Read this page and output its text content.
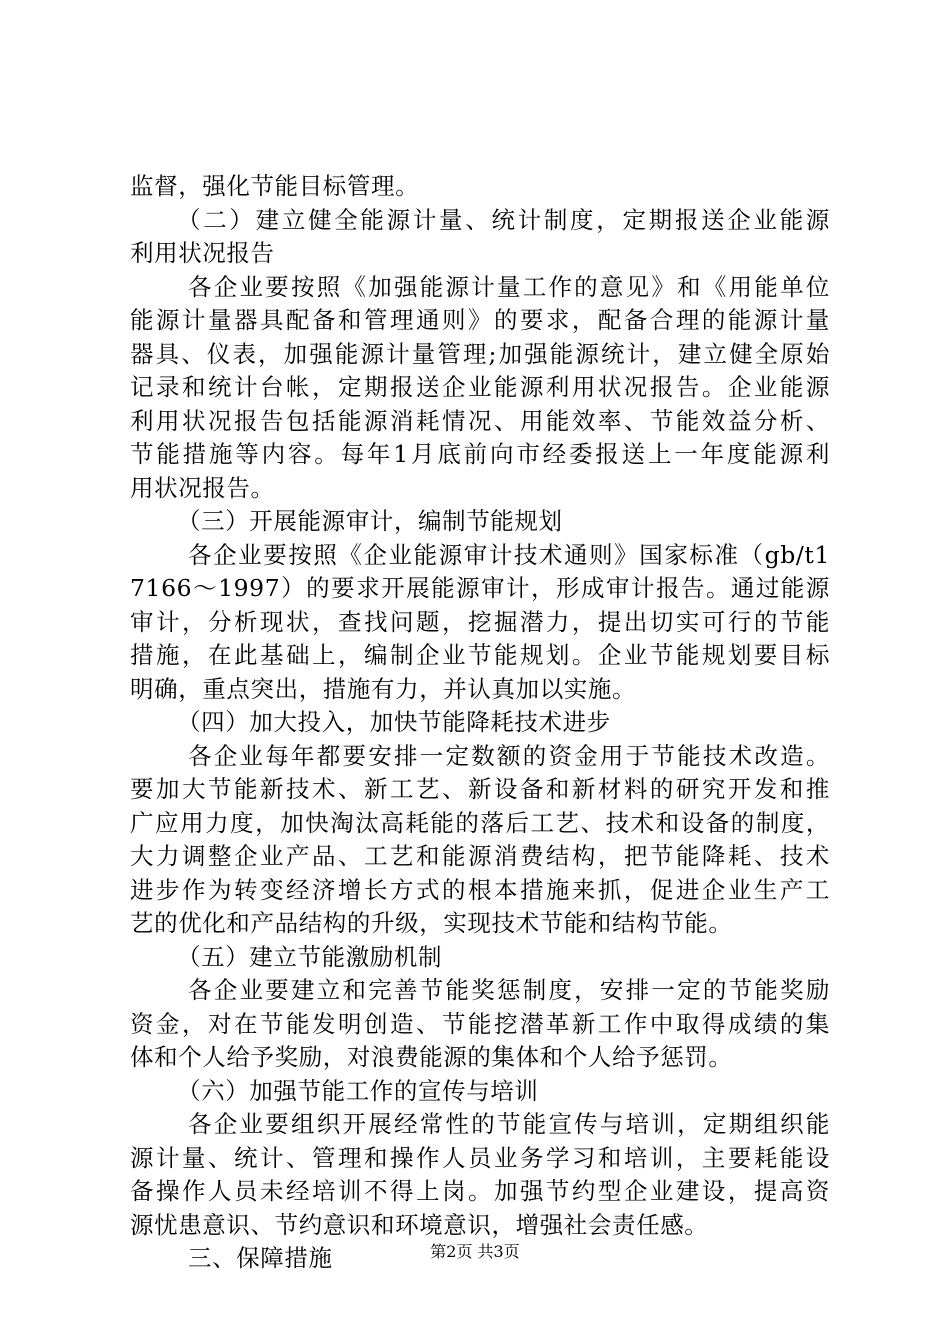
监督，强化节能目标管理。
（二）建立健全能源计量、统计制度，定期报送企业能源
利用状况报告
各企业要按照《加强能源计量工作的意见》和《用能单位
能源计量器具配备和管理通则》的要求，配备合理的能源计量
器具、仪表，加强能源计量管理;加强能源统计，建立健全原始
记录和统计台帐，定期报送企业能源利用状况报告。企业能源
利用状况报告包括能源消耗情况、用能效率、节能效益分析、
节能措施等内容。每年1月底前向市经委报送上一年度能源利
用状况报告。
（三）开展能源审计，编制节能规划
各企业要按照《企业能源审计技术通则》国家标准（gb/t1
7166～1997）的要求开展能源审计，形成审计报告。通过能源
审计，分析现状，查找问题，挖掘潜力，提出切实可行的节能
措施，在此基础上，编制企业节能规划。企业节能规划要目标
明确，重点突出，措施有力，并认真加以实施。
（四）加大投入，加快节能降耗技术进步
各企业每年都要安排一定数额的资金用于节能技术改造。
要加大节能新技术、新工艺、新设备和新材料的研究开发和推
广应用力度，加快淘汰高耗能的落后工艺、技术和设备的制度，
大力调整企业产品、工艺和能源消费结构，把节能降耗、技术
进步作为转变经济增长方式的根本措施来抓，促进企业生产工
艺的优化和产品结构的升级，实现技术节能和结构节能。
（五）建立节能激励机制
各企业要建立和完善节能奖惩制度，安排一定的节能奖励
资金，对在节能发明创造、节能挖潜革新工作中取得成绩的集
体和个人给予奖励，对浪费能源的集体和个人给予惩罚。
（六）加强节能工作的宣传与培训
各企业要组织开展经常性的节能宣传与培训，定期组织能
源计量、统计、管理和操作人员业务学习和培训，主要耗能设
备操作人员未经培训不得上岗。加强节约型企业建设，提高资
源忧患意识、节约意识和环境意识，增强社会责任感。
三、保障措施	第2页 共3页
